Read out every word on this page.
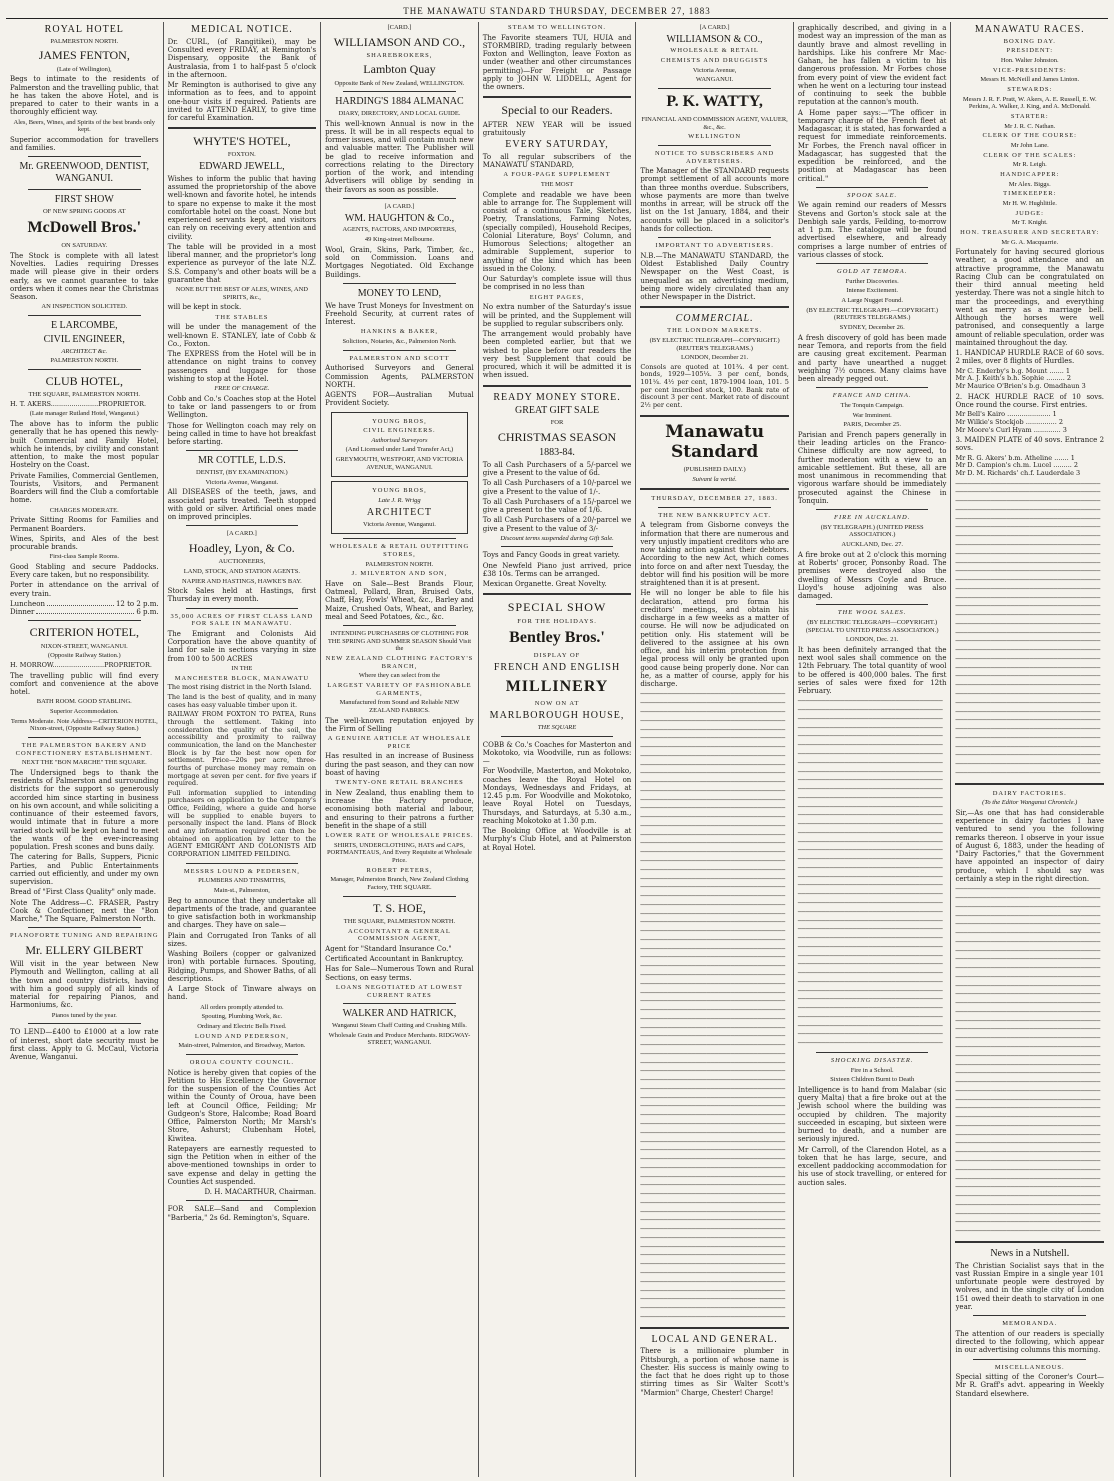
THE MANAWATU STANDARD THURSDAY, DECEMBER 27, 1883
ROYAL HOTEL
PALMERSTON NORTH.
JAMES FENTON,
(Late of Wellington),
Begs to intimate to the residents of Palmerston and the travelling public, that he has taken the above Hotel, and is prepared to cater to their wants in a thoroughly efficient way.
Ales, Beers, Wines, and Spirits of the best brands only kept.
Superior accommodation for travellers and families.
Mr. GREENWOOD, DENTIST, WANGANUI.
FIRST SHOW
OF NEW SPRING GOODS AT
McDowell Bros.'
ON SATURDAY.
The Stock is complete with all latest Novelties. Ladies requiring Dresses made will please give in their orders early, as we cannot guarantee to take orders when it comes near the Christmas Season.
AN INSPECTION SOLICITED.
E LARCOMBE,
CIVIL ENGINEER,
ARCHITECT &c.
PALMERSTON NORTH.
CLUB HOTEL,
THE SQUARE, PALMERSTON NORTH.
H. T. AKERS.......................PROPRIETOR.
(Late manager Rutland Hotel, Wanganui.)
The above has to inform the public generally that he has opened this newly-built Commercial and Family Hotel, which he intends, by civility and constant attention, to make the most popular Hostelry on the Coast.
Private Families, Commercial Gentlemen, Tourists, Visitors, and Permanent Boarders will find the Club a comfortable home.
CHARGES MODERATE.
Private Sitting Rooms for Families and Permanent Boarders.
Wines, Spirits, and Ales of the best procurable brands.
First-class Sample Rooms.
Good Stabling and secure Paddocks. Every care taken, but no responsibility.
Porter in attendance on the arrival of every train.
Luncheon	12 to 2 p.m.
Dinner	6 p.m.
CRITERION HOTEL,
NIXON-STREET, WANGANUI.
(Opposite Railway Station.)
H. MORROW.........................PROPRIETOR.
The travelling public will find every comfort and convenience at the above hotel.
BATH ROOM. GOOD STABLING.
Superior Accommodation.
Terms Moderate. Note Address—CRITERION HOTEL, Nixon-street, (Opposite Railway Station.)
THE PALMERSTON BAKERY AND CONFECTIONERY ESTABLISHMENT.
NEXT THE "BON MARCHE" THE SQUARE.
The Undersigned begs to thank the residents of Palmerston and surrounding districts for the support so generously accorded him since starting in business on his own account, and while soliciting a continuance of their esteemed favors, would intimate that in future a more varied stock will be kept on hand to meet the wants of the ever-increasing population. Fresh scones and buns daily.
The catering for Balls, Suppers, Picnic Parties, and Public Entertainments carried out efficiently, and under my own supervision.
Bread of "First Class Quality" only made.
Note The Address—C. FRASER, Pastry Cook & Confectioner, next the "Bon Marche," The Square, Palmerston North.
PIANOFORTE TUNING AND REPAIRING
Mr. ELLERY GILBERT
Will visit in the year between New Plymouth and Wellington, calling at all the town and country districts, having with him a good supply of all kinds of material for repairing Pianos, and Harmoniums, &c.
Pianos tuned by the year.
TO LEND—£400 to £1000 at a low rate of interest, short date security must be first class. Apply to G. McCaul, Victoria Avenue, Wanganui.
MEDICAL NOTICE.
Dr. CURL, (of Rangitikei), may be Consulted every FRIDAY, at Remington's Dispensary, opposite the Bank of Australasia, from 1 to half-past 5 o'clock in the afternoon.
Mr Remington is authorised to give any information as to fees, and to appoint one-hour visits if required. Patients are invited to ATTEND EARLY, to give time for careful Examination.
WHYTE'S HOTEL,
FOXTON.
EDWARD JEWELL,
Wishes to inform the public that having assumed the proprietorship of the above well-known and favorite hotel, he intends to spare no expense to make it the most comfortable hotel on the coast. None but experienced servants kept, and visitors can rely on receiving every attention and civility.
The table will be provided in a most liberal manner, and the proprietor's long experience as purveyor of the late N.Z. S.S. Company's and other boats will be a guarantee that
NONE BUT THE BEST OF ALES, WINES, AND SPIRITS, &c.,
will be kept in stock.
THE STABLES
will be under the management of the well-known E. STANLEY, late of Cobb & Co., Foxton.
The EXPRESS from the Hotel will be in attendance on night trains to convey passengers and luggage for those wishing to stop at the Hotel.
FREE OF CHARGE.
Cobb and Co.'s Coaches stop at the Hotel to take or land passengers to or from Wellington.
Those for Wellington coach may rely on being called in time to have hot breakfast before starting.
MR COTTLE, L.D.S.
DENTIST, (BY EXAMINATION.)
Victoria Avenue, Wanganui.
All DISEASES of the teeth, jaws, and associated parts treated. Teeth stopped with gold or silver. Artificial ones made on improved principles.
[A CARD.]
Hoadley, Lyon, & Co.
AUCTIONEERS,
LAND, STOCK, AND STATION AGENTS.
NAPIER AND HASTINGS, HAWKE'S BAY.
Stock Sales held at Hastings, first Thursday in every month.
35,000 ACRES OF FIRST CLASS LAND FOR SALE IN MANAWATU.
The Emigrant and Colonists Aid Corporation have the above quantity of land for sale in sections varying in size from 100 to 500 ACRES
IN THE
MANCHESTER BLOCK, MANAWATU
The most rising district in the North Island.
The land is the best of quality, and in many cases has easy valuable timber upon it.
RAILWAY FROM FOXTON TO PATEA, Runs through the settlement. Taking into consideration the quality of the soil, the accessibility and proximity to railway communication, the land on the Manchester Block is by far the best now open for settlement. Price—20s per acre, three-fourths of purchase money may remain on mortgage at seven per cent. for five years if required.
Full information supplied to intending purchasers on application to the Company's Office, Feilding, where a guide and horse will be supplied to enable buyers to personally inspect the land. Plans of Block and any information required can then be obtained on application by letter to the AGENT EMIGRANT AND COLONISTS AID CORPORATION LIMITED FEILDING.
MESSRS LOUND & PEDERSEN,
PLUMBERS AND TINSMITHS,
Main-st., Palmerston,
Beg to announce that they undertake all departments of the trade, and guarantee to give satisfaction both in workmanship and charges. They have on sale—
Plain and Corrugated Iron Tanks of all sizes.
Washing Boilers (copper or galvanized iron) with portable furnaces. Spouting, Ridging, Pumps, and Shower Baths, of all descriptions.
A Large Stock of Tinware always on hand.
All orders promptly attended to.
Spouting, Plumbing Work, &c.
Ordinary and Electric Bells Fixed.
LOUND AND PEDERSON,
Main-street, Palmerston, and Broadway, Marton.
OROUA COUNTY COUNCIL.
Notice is hereby given that copies of the Petition to His Excellency the Governor for the suspension of the Counties Act within the County of Oroua, have been left at Council Office, Feilding; Mr Gudgeon's Store, Halcombe; Road Board Office, Palmerston North; Mr Marsh's Store, Ashurst; Clubenham Hotel, Kiwitea.
Ratepayers are earnestly requested to sign the Petition when in either of the above-mentioned townships in order to save expense and delay in getting the Counties Act suspended.
D. H. MACARTHUR, Chairman.
FOR SALE—Sand and Complexion "Barberia," 2s 6d. Remington's, Square.
[CARD.]
WILLIAMSON AND CO.,
SHAREBROKERS,
Lambton Quay
Opposite Bank of New Zealand, WELLINGTON.
HARDING'S 1884 ALMANAC
DIARY, DIRECTORY, AND LOCAL GUIDE.
This well-known Annual is now in the press. It will be in all respects equal to former issues, and will contain much new and valuable matter. The Publisher will be glad to receive information and corrections relating to the Directory portion of the work, and intending Advertisers will oblige by sending in their favors as soon as possible.
[A CARD.]
WM. HAUGHTON & Co.,
AGENTS, FACTORS, AND IMPORTERS,
49 King-street Melbourne.
Wool, Grain, Skins, Park, Timber, &c., sold on Commission. Loans and Mortgages Negotiated. Old Exchange Buildings.
MONEY TO LEND,
We have Trust Moneys for Investment on Freehold Security, at current rates of Interest.
HANKINS & BAKER,
Solicitors, Notaries, &c., Palmerston North.
PALMERSTON AND SCOTT
Authorised Surveyors and General Commission Agents, PALMERSTON NORTH.
AGENTS FOR—Australian Mutual Provident Society.
YOUNG BROS,
CIVIL ENGINEERS.
Authorised Surveyors
(And Licensed under Land Transfer Act,)
GREYMOUTH, WESTPORT, AND VICTORIA AVENUE, WANGANUI.
YOUNG BROS,
Late J. R. Wrigg
ARCHITECT
Victoria Avenue, Wanganui.
WHOLESALE & RETAIL OUTFITTING STORES,
PALMERSTON NORTH.
J. MILVERTON AND SON,
Have on Sale—Best Brands Flour, Oatmeal, Pollard, Bran, Bruised Oats, Chaff, Hay, Fowls' Wheat, &c., Barley and Maize, Crushed Oats, Wheat, and Barley, meal and Seed Potatoes, &c., &c.
INTENDING PURCHASERS OF CLOTHING FOR THE SPRING AND SUMMER SEASON Should Visit the
NEW ZEALAND CLOTHING FACTORY'S BRANCH,
Where they can select from the
LARGEST VARIETY OF FASHIONABLE GARMENTS,
Manufactured from Sound and Reliable NEW ZEALAND FABRICS.
The well-known reputation enjoyed by the Firm of Selling
A GENUINE ARTICLE AT WHOLESALE PRICE
Has resulted in an increase of Business during the past season, and they can now boast of having
TWENTY-ONE RETAIL BRANCHES
in New Zealand, thus enabling them to increase the Factory produce, economising both material and labour, and ensuring to their patrons a further benefit in the shape of a still
LOWER RATE OF WHOLESALE PRICES.
SHIRTS, UNDERCLOTHING, HATS and CAPS, PORTMANTEAUS, And Every Requisite at Wholesale Price.
ROBERT PETERS,
Manager, Palmerston Branch, New Zealand Clothing Factory, THE SQUARE.
T. S. HOE,
THE SQUARE, PALMERSTON NORTH.
ACCOUNTANT & GENERAL COMMISSION AGENT,
Agent for "Standard Insurance Co."
Certificated Accountant in Bankruptcy.
Has for Sale—Numerous Town and Rural Sections, on easy terms.
LOANS NEGOTIATED AT LOWEST CURRENT RATES
WALKER AND HATRICK,
Wanganui Steam Chaff Cutting and Crushing Mills.
Wholesale Grain and Produce Merchants. RIDGWAY-STREET, WANGANUI.
STEAM TO WELLINGTON.
The Favorite steamers TUI, HUIA and STORMBIRD, trading regularly between Foxton and Wellington, leave Foxton as under (weather and other circumstances permitting)—For Freight or Passage apply to JOHN W. LIDDELL, Agent for the owners.
Special to our Readers.
AFTER NEW YEAR will be issued gratuitously
EVERY SATURDAY,
To all regular subscribers of the MANAWATU STANDARD,
A FOUR-PAGE SUPPLEMENT
THE MOST
Complete and readable we have been able to arrange for. The Supplement will consist of a continuous Tale, Sketches, Poetry, Translations, Farming Notes, (specially compiled), Household Recipes, Colonial Literature, Boys' Column, and Humorous Selections; altogether an admirable Supplement, superior to anything of the kind which has been issued in the Colony.
Our Saturday's complete issue will thus be comprised in no less than
EIGHT PAGES,
No extra number of the Saturday's issue will be printed, and the Supplement will be supplied to regular subscribers only.
The arrangement would probably have been completed earlier, but that we wished to place before our readers the very best Supplement that could be procured, which it will be admitted it is when issued.
READY MONEY STORE.
GREAT GIFT SALE
FOR
CHRISTMAS SEASON
1883-84.
To all Cash Purchasers of a 5/-parcel we give a Present to the value of 6d.
To all Cash Purchasers of a 10/-parcel we give a Present to the value of 1/-.
To all Cash Purchasers of a 15/-parcel we give a present to the value of 1/6.
To all Cash Purchasers of a 20/-parcel we give a Present to the value of 3/-
Discount terms suspended during Gift Sale.
Toys and Fancy Goods in great variety.
One Newfeld Piano just arrived, price £38 10s. Terms can be arranged.
Mexican Organette. Great Novelty.
SPECIAL SHOW
FOR THE HOLIDAYS.
Bentley Bros.'
DISPLAY OF
FRENCH AND ENGLISH
MILLINERY
NOW ON AT
MARLBOROUGH HOUSE,
THE SQUARE
COBB & Co.'s Coaches for Masterton and Mokotoko, via Woodville, run as follows:—
For Woodville, Masterton, and Mokotoko, coaches leave the Royal Hotel on Mondays, Wednesdays and Fridays, at 12.45 p.m. For Woodville and Mokotoko, leave Royal Hotel on Tuesdays, Thursdays, and Saturdays, at 5.30 a.m., reaching Mokotoko at 1.30 p.m.
The Booking Office at Woodville is at Murphy's Club Hotel, and at Palmerston at Royal Hotel.
[A CARD.]
WILLIAMSON & CO.,
WHOLESALE & RETAIL
CHEMISTS AND DRUGGISTS
Victoria Avenue,
WANGANUI.
P. K. WATTY,
FINANCIAL AND COMMISSION AGENT, VALUER, &c., &c.
WELLINGTON
NOTICE TO SUBSCRIBERS AND ADVERTISERS.
The Manager of the STANDARD requests prompt settlement of all accounts more than three months overdue. Subscribers, whose payments are more than twelve months in arrear, will be struck off the list on the 1st January, 1884, and their accounts will be placed in a solicitor's hands for collection.
IMPORTANT TO ADVERTISERS.
N.B.—The MANAWATU STANDARD, the Oldest Established Daily Country Newspaper on the West Coast, is unequalled as an advertising medium, being more widely circulated than any other Newspaper in the District.
COMMERCIAL.
THE LONDON MARKETS.
(BY ELECTRIC TELEGRAPH—COPYRIGHT.) (REUTER'S TELEGRAMS.)
LONDON, December 21.
Consols are quoted at 101¾. 4 per cent. bonds, 1929—105¼. 3 per cent, bonds, 101¼. 4½ per cent, 1879-1904 loan, 101. 5 per cent inscribed stock, 100. Bank rate of discount 3 per cent. Market rate of discount 2½ per cent.
Manawatu Standard
(PUBLISHED DAILY.)
Suivant la verité.
THURSDAY, DECEMBER 27, 1883.
THE NEW BANKRUPTCY ACT.
A telegram from Gisborne conveys the information that there are numerous and very unjustly impatient creditors who are now taking action against their debtors. According to the new Act, which comes into force on and after next Tuesday, the debtor will find his position will be more straightened than it is at present.
He will no longer be able to file his declaration, attend pro forma his creditors' meetings, and obtain his discharge in a few weeks as a matter of course. He will now be adjudicated on petition only. His statement will be delivered to the assignee at his own office, and his interim protection from legal process will only be granted upon good cause being properly done. Nor can he, as a matter of course, apply for his discharge.
─────────────────────────────────────
─────────────────────────────────────
─────────────────────────────────────
─────────────────────────────────────
─────────────────────────────────────
─────────────────────────────────────
─────────────────────────────────────
─────────────────────────────────────
─────────────────────────────────────
─────────────────────────────────────
─────────────────────────────────────
─────────────────────────────────────
─────────────────────────────────────
─────────────────────────────────────
─────────────────────────────────────
─────────────────────────────────────
─────────────────────────────────────
─────────────────────────────────────
─────────────────────────────────────
─────────────────────────────────────
─────────────────────────────────────
─────────────────────────────────────
─────────────────────────────────────
─────────────────────────────────────
─────────────────────────────────────
─────────────────────────────────────
─────────────────────────────────────
─────────────────────────────────────
─────────────────────────────────────
─────────────────────────────────────
─────────────────────────────────────
─────────────────────────────────────
─────────────────────────────────────
─────────────────────────────────────
─────────────────────────────────────
─────────────────────────────────────
─────────────────────────────────────
─────────────────────────────────────
─────────────────────────────────────
─────────────────────────────────────
─────────────────────────────────────
─────────────────────────────────────
─────────────────────────────────────
─────────────────────────────────────
─────────────────────────────────────
─────────────────────────────────────
─────────────────────────────────────
─────────────────────────────────────
─────────────────────────────────────
─────────────────────────────────────
─────────────────────────────────────
─────────────────────────────────────
─────────────────────────────────────
─────────────────────────────────────
─────────────────────────────────────
─────────────────────────────────────
─────────────────────────────────────
─────────────────────────────────────
─────────────────────────────────────
─────────────────────────────────────
─────────────────────────────────────
─────────────────────────────────────
─────────────────────────────────────
─────────────────────────────────────
─────────────────────────────────────
─────────────────────────────────────
─────────────────────────────────────
─────────────────────────────────────
─────────────────────────────────────
─────────────────────────────────────
─────────────────────────────────────
─────────────────────────────────────
LOCAL AND GENERAL.
There is a millionaire plumber in Pittsburgh, a portion of whose name is Chester. His success is mainly owing to the fact that he does right up to those stirring times as Sir Walter Scott's "Marmion" Charge, Chester! Charge!
graphically described, and giving in a modest way an impression of the man as dauntly brave and almost revelling in hardships. Like his confrere Mr Mac-Gahan, he has fallen a victim to his dangerous profession. Mr Forbes chose from every point of view the evident fact when he went on a lecturing tour instead of continuing to seek the bubble reputation at the cannon's mouth.
A Home paper says:—"The officer in temporary charge of the French fleet at Madagascar, it is stated, has forwarded a request for immediate reinforcements. Mr Forbes, the French naval officer in Madagascar, has suggested that the expedition be reinforced, and the position at Madagascar has been critical."
SPOOK SALE.
We again remind our readers of Messrs Stevens and Gorton's stock sale at the Denbigh sale yards, Feilding, to-morrow at 1 p.m. The catalogue will be found advertised elsewhere, and already comprises a large number of entries of various classes of stock.
GOLD AT TEMORA.
Further Discoveries.
Intense Excitement.
A Large Nugget Found.
(BY ELECTRIC TELEGRAPH.—COPYRIGHT.) (REUTER'S TELEGRAMS.)
SYDNEY, December 26.
A fresh discovery of gold has been made near Temora, and reports from the field are causing great excitement. Pearman and party have unearthed a nugget weighing 7½ ounces. Many claims have been already pegged out.
FRANCE AND CHINA.
The Tonquin Campaign.
War Imminent.
PARIS, December 25.
Parisian and French papers generally in their leading articles on the Franco-Chinese difficulty are now agreed, to further moderation with a view to an amicable settlement. But these, all are most unanimous in recommending that vigorous warfare should be immediately prosecuted against the Chinese in Tonquin.
FIRE IN AUCKLAND.
(BY TELEGRAPH.) (UNITED PRESS ASSOCIATION.)
AUCKLAND, Dec. 27.
A fire broke out at 2 o'clock this morning at Roberts' grocer, Ponsonby Road. The premises were destroyed also the dwelling of Messrs Coyle and Bruce. Lloyd's house adjoining was also damaged.
THE WOOL SALES.
(BY ELECTRIC TELEGRAPH—COPYRIGHT.) (SPECIAL TO UNITED PRESS ASSOCIATION.)
LONDON, Dec. 21.
It has been definitely arranged that the next wool sales shall commence on the 12th February. The total quantity of wool to be offered is 400,000 bales. The first series of sales were fixed for 12th February.
─────────────────────────────────────
─────────────────────────────────────
─────────────────────────────────────
─────────────────────────────────────
─────────────────────────────────────
─────────────────────────────────────
─────────────────────────────────────
─────────────────────────────────────
─────────────────────────────────────
─────────────────────────────────────
─────────────────────────────────────
─────────────────────────────────────
─────────────────────────────────────
─────────────────────────────────────
─────────────────────────────────────
─────────────────────────────────────
─────────────────────────────────────
─────────────────────────────────────
─────────────────────────────────────
─────────────────────────────────────
─────────────────────────────────────
─────────────────────────────────────
─────────────────────────────────────
─────────────────────────────────────
─────────────────────────────────────
─────────────────────────────────────
─────────────────────────────────────
─────────────────────────────────────
─────────────────────────────────────
─────────────────────────────────────
─────────────────────────────────────
─────────────────────────────────────
─────────────────────────────────────
─────────────────────────────────────
─────────────────────────────────────
─────────────────────────────────────
─────────────────────────────────────
─────────────────────────────────────
─────────────────────────────────────
─────────────────────────────────────
SHOCKING DISASTER.
Fire in a School.
Sixteen Children Burnt to Death
Intelligence is to hand from Malabar (sic query Malta) that a fire broke out at the Jewish school where the building was occupied by children. The majority succeeded in escaping, but sixteen were burned to death, and a number are seriously injured.
Mr Carroll, of the Clarendon Hotel, as a token that he has large, secure, and excellent paddocking accommodation for his use of stock travelling, or entered for auction sales.
MANAWATU RACES.
BOXING DAY.
PRESIDENT:
Hon. Walter Johnston.
VICE-PRESIDENTS:
Messrs H. McNeill and James Linton.
STEWARDS:
Messrs J. R. F. Pratt, W. Akers, A. E. Russell, E. W. Perkins, A. Walker, J. King, and A. McDonald.
STARTER:
Mr J. R. C. Nathan.
CLERK OF THE COURSE:
Mr John Lane.
CLERK OF THE SCALES:
Mr R. Leigh.
HANDICAPPER:
Mr Alex. Biggs.
TIMEKEEPER:
Mr H. W. Hughlittle.
JUDGE:
Mr T. Knight.
HON. TREASURER AND SECRETARY:
Mr G. A. Macquarrie.
Fortunately for having secured glorious weather, a good attendance and an attractive programme, the Manawatu Racing Club can be congratulated on their third annual meeting held yesterday. There was not a single hitch to mar the proceedings, and everything went as merry as a marriage bell. Although the horses were well patronised, and consequently a large amount of reliable speculation, order was maintained throughout the day.
1. HANDICAP HURDLE RACE of 60 sovs. 2 miles, over 8 flights of Hurdles.
Mr C. Enderby's b.g. Mount ....... 1
Mr A. J. Keith's b.h. Sophie ......... 2
Mr Maurice O'Brien's b.g. Omadhaun 3
2. HACK HURDLE RACE of 10 sovs. Once round the course. First entries.
Mr Bell's Kairo ..................... 1
Mr Wilkie's Stockjob ............... 2
Mr Moore's Curl Hyam ............. 3
3. MAIDEN PLATE of 40 sovs. Entrance 2 sovs.
Mr R. G. Akers' b.m. Atheline ....... 1
Mr D. Campion's ch.m. Lucel ......... 2
Mr D. M. Richards' ch.f. Lauderdale 3
─────────────────────────────────────
─────────────────────────────────────
─────────────────────────────────────
─────────────────────────────────────
─────────────────────────────────────
─────────────────────────────────────
─────────────────────────────────────
─────────────────────────────────────
─────────────────────────────────────
─────────────────────────────────────
─────────────────────────────────────
─────────────────────────────────────
─────────────────────────────────────
─────────────────────────────────────
─────────────────────────────────────
─────────────────────────────────────
─────────────────────────────────────
─────────────────────────────────────
─────────────────────────────────────
─────────────────────────────────────
─────────────────────────────────────
─────────────────────────────────────
─────────────────────────────────────
─────────────────────────────────────
─────────────────────────────────────
─────────────────────────────────────
─────────────────────────────────────
─────────────────────────────────────
─────────────────────────────────────
─────────────────────────────────────
─────────────────────────────────────
─────────────────────────────────────
─────────────────────────────────────
─────────────────────────────────────
DAIRY FACTORIES.
(To the Editor Wanganui Chronicle.)
Sir,—As one that has had considerable experience in dairy factories I have ventured to send you the following remarks thereon. I observe in your issue of August 6, 1883, under the heading of "Dairy Factories," that the Government have appointed an inspector of dairy produce, which I should say was certainly a step in the right direction.
─────────────────────────────────────
─────────────────────────────────────
─────────────────────────────────────
─────────────────────────────────────
─────────────────────────────────────
─────────────────────────────────────
─────────────────────────────────────
─────────────────────────────────────
─────────────────────────────────────
─────────────────────────────────────
─────────────────────────────────────
─────────────────────────────────────
─────────────────────────────────────
─────────────────────────────────────
─────────────────────────────────────
─────────────────────────────────────
─────────────────────────────────────
─────────────────────────────────────
─────────────────────────────────────
─────────────────────────────────────
─────────────────────────────────────
─────────────────────────────────────
─────────────────────────────────────
─────────────────────────────────────
─────────────────────────────────────
─────────────────────────────────────
─────────────────────────────────────
─────────────────────────────────────
─────────────────────────────────────
─────────────────────────────────────
─────────────────────────────────────
─────────────────────────────────────
─────────────────────────────────────
─────────────────────────────────────
─────────────────────────────────────
─────────────────────────────────────
─────────────────────────────────────
─────────────────────────────────────
─────────────────────────────────────
─────────────────────────────────────
News in a Nutshell.
The Christian Socialist says that in the vast Russian Empire in a single year 101 unfortunate people were destroyed by wolves, and in the single city of London 151 owed their death to starvation in one year.
MEMORANDA.
The attention of our readers is specially directed to the following, which appear in our advertising columns this morning.
MISCELLANEOUS.
Special sitting of the Coroner's Court—Mr R. Graff's advt. appearing in Weekly Standard elsewhere.
